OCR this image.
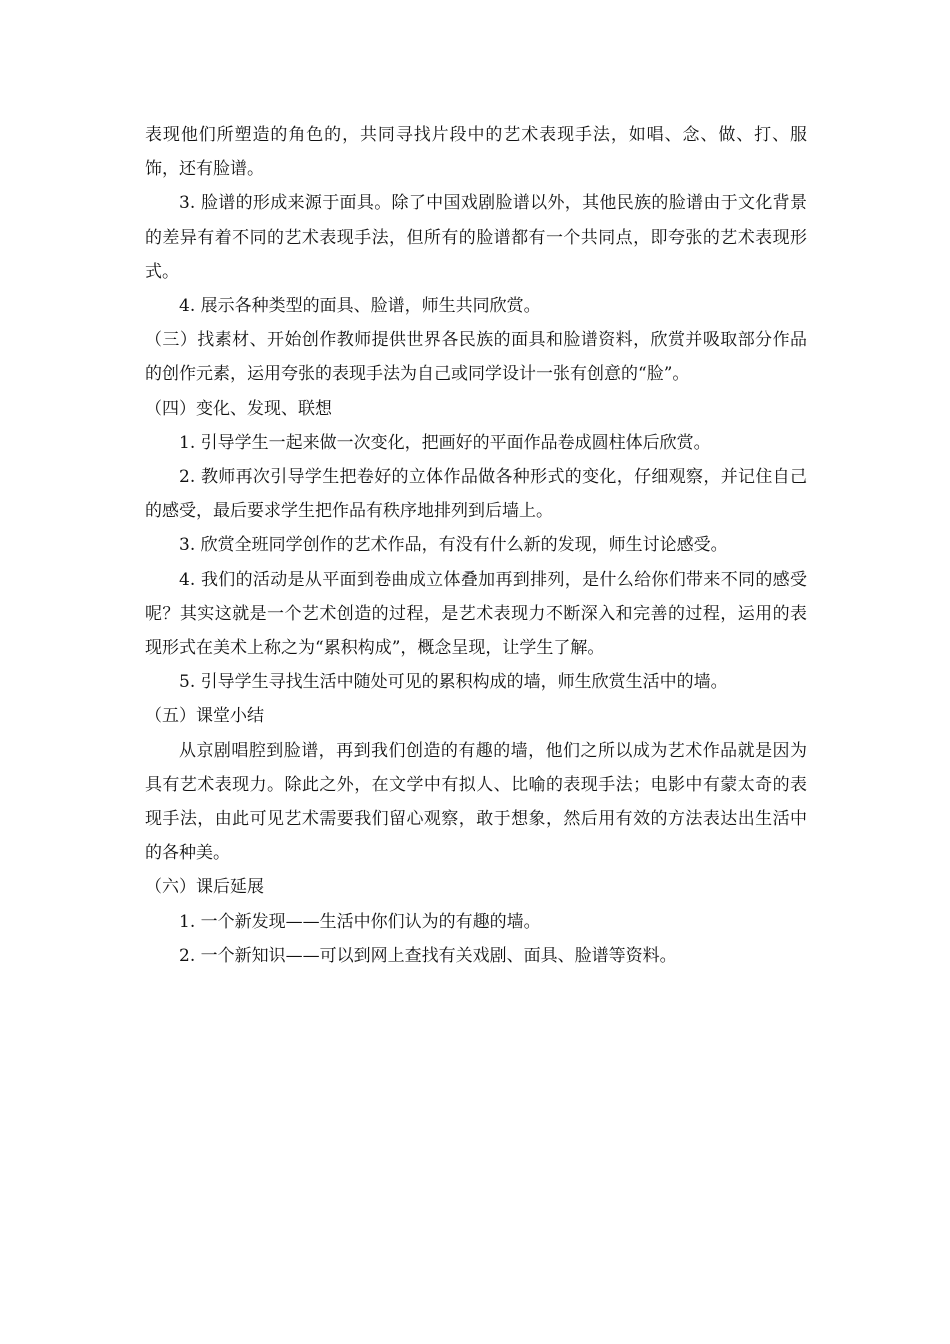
表现他们所塑造的角色的，共同寻找片段中的艺术表现手法，如唱、念、做、打、服饰，还有脸谱。

3. 脸谱的形成来源于面具。除了中国戏剧脸谱以外，其他民族的脸谱由于文化背景的差异有着不同的艺术表现手法，但所有的脸谱都有一个共同点，即夸张的艺术表现形式。

4. 展示各种类型的面具、脸谱，师生共同欣赏。

（三）找素材、开始创作教师提供世界各民族的面具和脸谱资料，欣赏并吸取部分作品的创作元素，运用夸张的表现手法为自己或同学设计一张有创意的“脸”。

（四）变化、发现、联想

1. 引导学生一起来做一次变化，把画好的平面作品卷成圆柱体后欣赏。

2. 教师再次引导学生把卷好的立体作品做各种形式的变化，仔细观察，并记住自己的感受，最后要求学生把作品有秩序地排列到后墙上。

3. 欣赏全班同学创作的艺术作品，有没有什么新的发现，师生讨论感受。

4. 我们的活动是从平面到卷曲成立体叠加再到排列，是什么给你们带来不同的感受呢？其实这就是一个艺术创造的过程，是艺术表现力不断深入和完善的过程，运用的表现形式在美术上称之为“累积构成”，概念呈现，让学生了解。

5. 引导学生寻找生活中随处可见的累积构成的墙，师生欣赏生活中的墙。

（五）课堂小结

从京剧唱腔到脸谱，再到我们创造的有趣的墙，他们之所以成为艺术作品就是因为具有艺术表现力。除此之外，在文学中有拟人、比喻的表现手法；电影中有蒙太奇的表现手法，由此可见艺术需要我们留心观察，敢于想象，然后用有效的方法表达出生活中的各种美。

（六）课后延展

1. 一个新发现——生活中你们认为的有趣的墙。

2. 一个新知识——可以到网上查找有关戏剧、面具、脸谱等资料。
